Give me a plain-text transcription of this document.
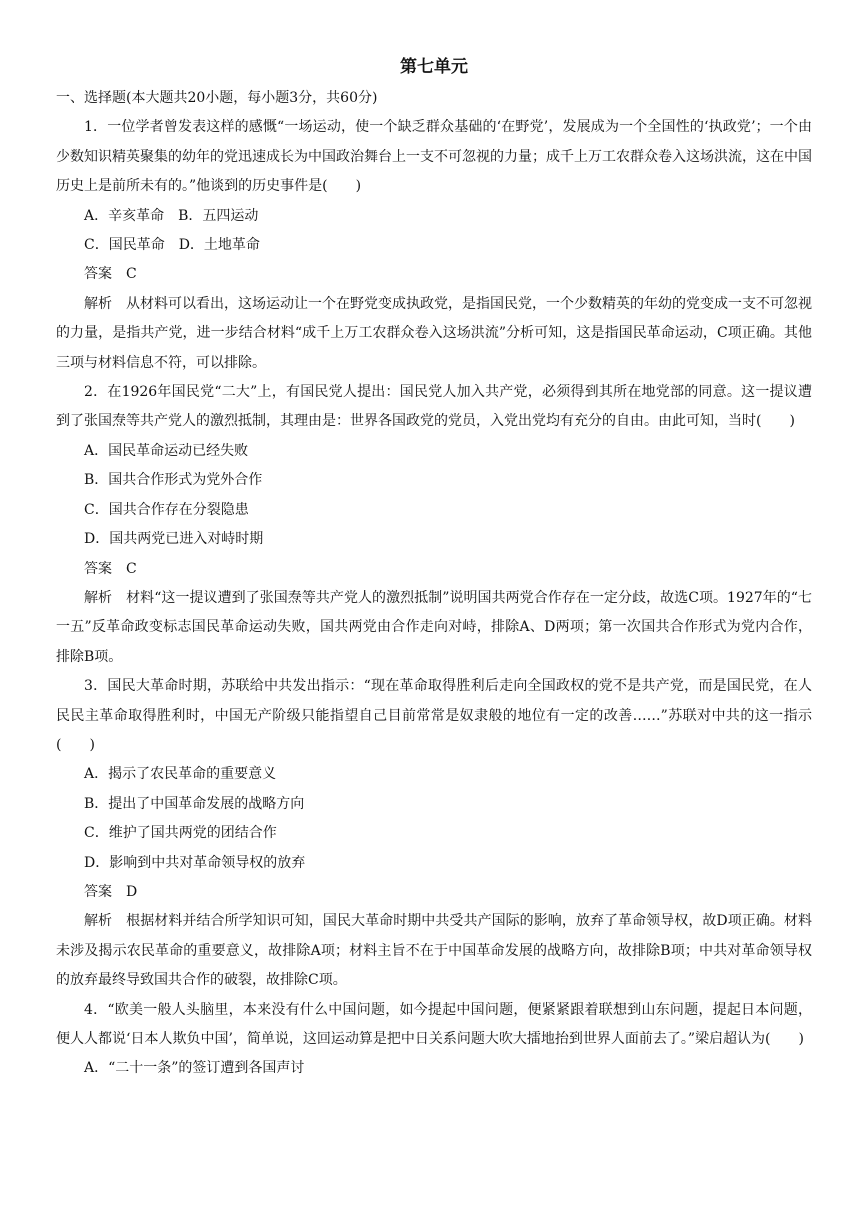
第七单元

一、选择题(本大题共20小题，每小题3分，共60分)

1．一位学者曾发表这样的感慨“一场运动，使一个缺乏群众基础的‘在野党’，发展成为一个全国性的‘执政党’；一个由少数知识精英聚集的幼年的党迅速成长为中国政治舞台上一支不可忽视的力量；成千上万工农群众卷入这场洪流，这在中国历史上是前所未有的。”他谈到的历史事件是(　　)

A．辛亥革命　B．五四运动

C．国民革命　D．土地革命

答案 C

解析　从材料可以看出，这场运动让一个在野党变成执政党，是指国民党，一个少数精英的年幼的党变成一支不可忽视的力量，是指共产党，进一步结合材料“成千上万工农群众卷入这场洪流”分析可知，这是指国民革命运动，C项正确。其他三项与材料信息不符，可以排除。

2．在1926年国民党“二大”上，有国民党人提出：国民党人加入共产党，必须得到其所在地党部的同意。这一提议遭到了张国焘等共产党人的激烈抵制，其理由是：世界各国政党的党员，入党出党均有充分的自由。由此可知，当时(　　)

A．国民革命运动已经失败

B．国共合作形式为党外合作

C．国共合作存在分裂隐患

D．国共两党已进入对峙时期

答案 C

解析　材料“这一提议遭到了张国焘等共产党人的激烈抵制”说明国共两党合作存在一定分歧，故选C项。1927年的“七一五”反革命政变标志国民革命运动失败，国共两党由合作走向对峙，排除A、D两项；第一次国共合作形式为党内合作，排除B项。

3．国民大革命时期，苏联给中共发出指示：“现在革命取得胜利后走向全国政权的党不是共产党，而是国民党，在人民民主革命取得胜利时，中国无产阶级只能指望自己目前常常是奴隶般的地位有一定的改善……”苏联对中共的这一指示(　　)

A．揭示了农民革命的重要意义

B．提出了中国革命发展的战略方向

C．维护了国共两党的团结合作

D．影响到中共对革命领导权的放弃

答案 D

解析　根据材料并结合所学知识可知，国民大革命时期中共受共产国际的影响，放弃了革命领导权，故D项正确。材料未涉及揭示农民革命的重要意义，故排除A项；材料主旨不在于中国革命发展的战略方向，故排除B项；中共对革命领导权的放弃最终导致国共合作的破裂，故排除C项。

4．“欧美一般人头脑里，本来没有什么中国问题，如今提起中国问题，便紧紧跟着联想到山东问题，提起日本问题，便人人都说‘日本人欺负中国’，简单说，这回运动算是把中日关系问题大吹大擂地抬到世界人面前去了。”梁启超认为(　　)

A．“二十一条”的签订遭到各国声讨
